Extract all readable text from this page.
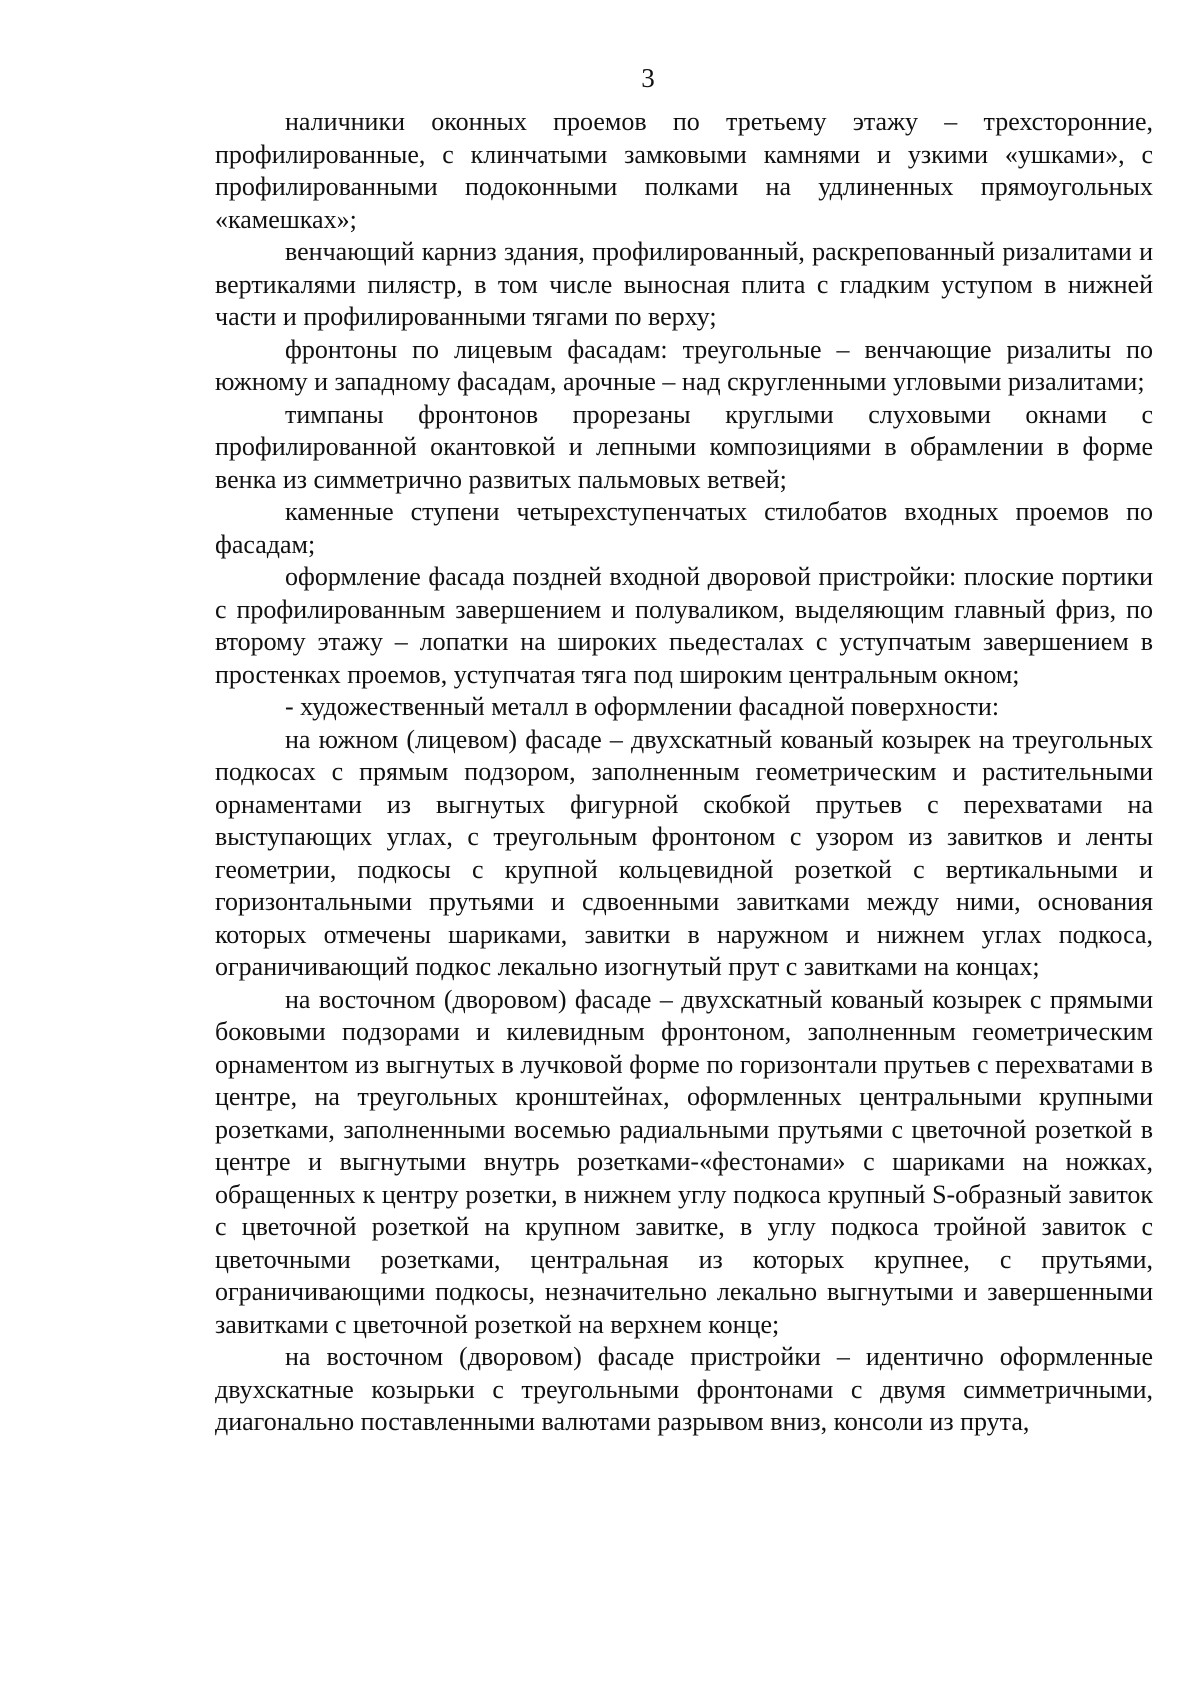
3

наличники оконных проемов по третьему этажу – трехсторонние, профилированные, с клинчатыми замковыми камнями и узкими «ушками», с профилированными подоконными полками на удлиненных прямоугольных «камешках»;

венчающий карниз здания, профилированный, раскрепованный ризалитами и вертикалями пилястр, в том числе выносная плита с гладким уступом в нижней части и профилированными тягами по верху;

фронтоны по лицевым фасадам: треугольные – венчающие ризалиты по южному и западному фасадам, арочные – над скругленными угловыми ризалитами;

тимпаны фронтонов прорезаны круглыми слуховыми окнами с профилированной окантовкой и лепными композициями в обрамлении в форме венка из симметрично развитых пальмовых ветвей;

каменные ступени четырехступенчатых стилобатов входных проемов по фасадам;

оформление фасада поздней входной дворовой пристройки: плоские портики с профилированным завершением и полуваликом, выделяющим главный фриз, по второму этажу – лопатки на широких пьедесталах с уступчатым завершением в простенках проемов, уступчатая тяга под широким центральным окном;

- художественный металл в оформлении фасадной поверхности:

на южном (лицевом) фасаде – двухскатный кованый козырек на треугольных подкосах с прямым подзором, заполненным геометрическим и растительными орнаментами из выгнутых фигурной скобкой прутьев с перехватами на выступающих углах, с треугольным фронтоном с узором из завитков и ленты геометрии, подкосы с крупной кольцевидной розеткой с вертикальными и горизонтальными прутьями и сдвоенными завитками между ними, основания которых отмечены шариками, завитки в наружном и нижнем углах подкоса, ограничивающий подкос лекально изогнутый прут с завитками на концах;

на восточном (дворовом) фасаде – двухскатный кованый козырек с прямыми боковыми подзорами и килевидным фронтоном, заполненным геометрическим орнаментом из выгнутых в лучковой форме по горизонтали прутьев с перехватами в центре, на треугольных кронштейнах, оформленных центральными крупными розетками, заполненными восемью радиальными прутьями с цветочной розеткой в центре и выгнутыми внутрь розетками-«фестонами» с шариками на ножках, обращенных к центру розетки, в нижнем углу подкоса крупный S-образный завиток с цветочной розеткой на крупном завитке, в углу подкоса тройной завиток с цветочными розетками, центральная из которых крупнее, с прутьями, ограничивающими подкосы, незначительно лекально выгнутыми и завершенными завитками с цветочной розеткой на верхнем конце;

на восточном (дворовом) фасаде пристройки – идентично оформленные двухскатные козырьки с треугольными фронтонами с двумя симметричными, диагонально поставленными валютами разрывом вниз, консоли из прута,
